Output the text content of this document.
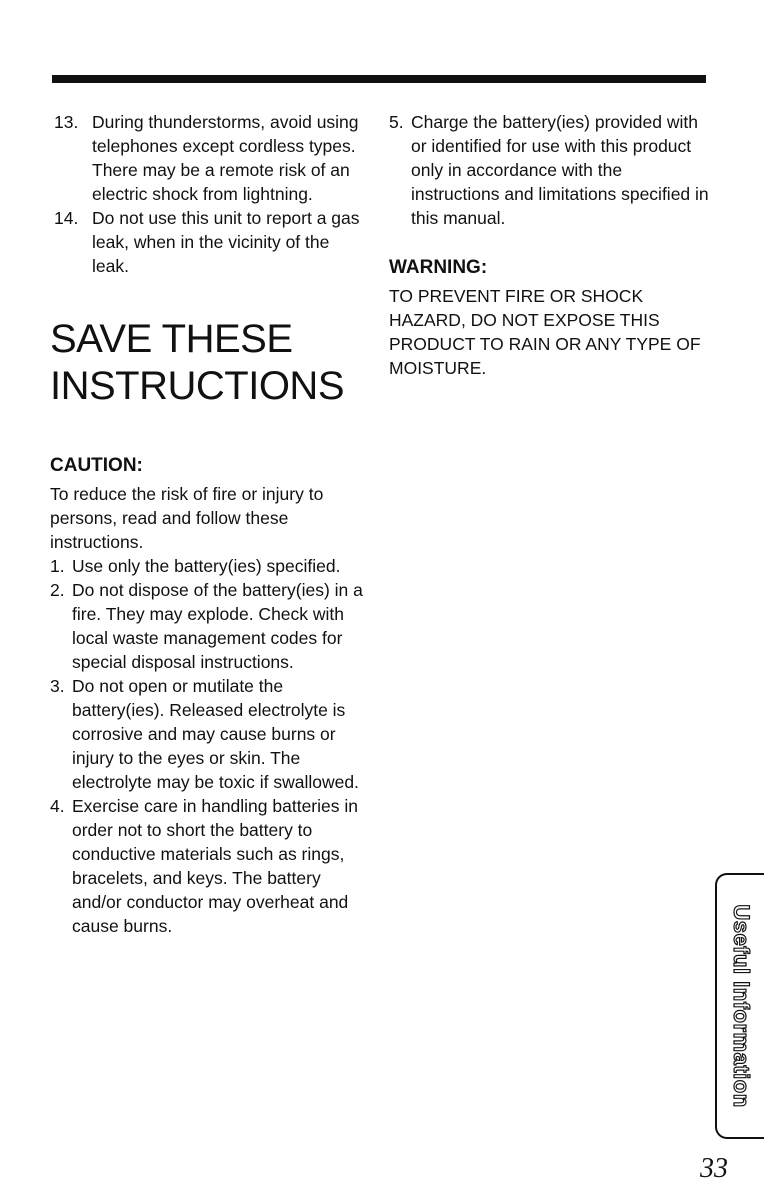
13. During thunderstorms, avoid using telephones except cordless types. There may be a remote risk of an electric shock from lightning.
14. Do not use this unit to report a gas leak, when in the vicinity of the leak.
SAVE THESE INSTRUCTIONS
CAUTION:

To reduce the risk of fire or injury to persons, read and follow these instructions.

1. Use only the battery(ies) specified.
2. Do not dispose of the battery(ies) in a fire. They may explode. Check with local waste management codes for special disposal instructions.
3. Do not open or mutilate the battery(ies). Released electrolyte is corrosive and may cause burns or injury to the eyes or skin. The electrolyte may be toxic if swallowed.
4. Exercise care in handling batteries in order not to short the battery to conductive materials such as rings, bracelets, and keys. The battery and/or conductor may overheat and cause burns.
5. Charge the battery(ies) provided with or identified for use with this product only in accordance with the instructions and limitations specified in this manual.
WARNING:

TO PREVENT FIRE OR SHOCK HAZARD, DO NOT EXPOSE THIS PRODUCT TO RAIN OR ANY TYPE OF MOISTURE.

Useful Information
33
